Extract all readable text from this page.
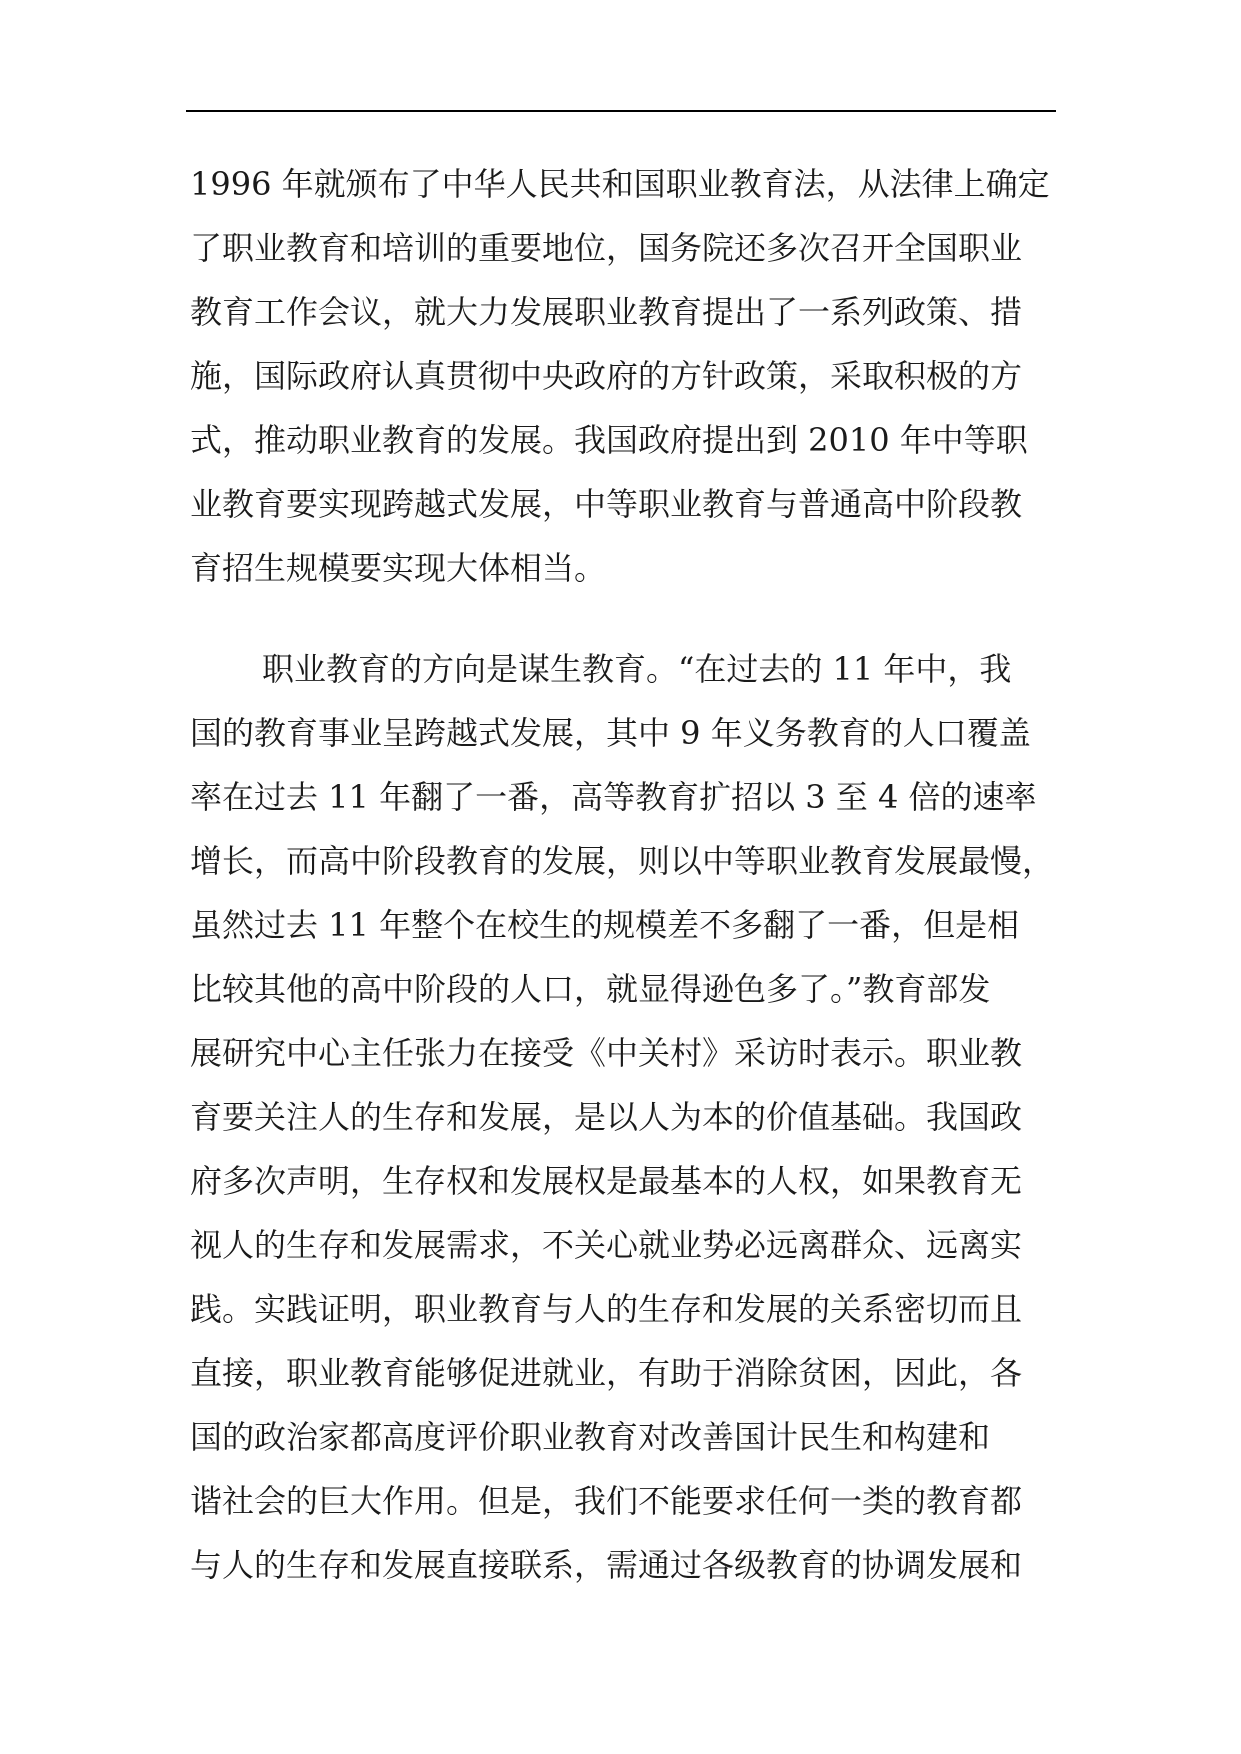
1996 年就颁布了中华人民共和国职业教育法，从法律上确定
了职业教育和培训的重要地位，国务院还多次召开全国职业
教育工作会议，就大力发展职业教育提出了一系列政策、措
施，国际政府认真贯彻中央政府的方针政策，采取积极的方
式，推动职业教育的发展。我国政府提出到 2010 年中等职
业教育要实现跨越式发展，中等职业教育与普通高中阶段教
育招生规模要实现大体相当。
职业教育的方向是谋生教育。“在过去的 11 年中，我
国的教育事业呈跨越式发展，其中 9 年义务教育的人口覆盖
率在过去 11 年翻了一番，高等教育扩招以 3 至 4 倍的速率
增长，而高中阶段教育的发展，则以中等职业教育发展最慢，
虽然过去 11 年整个在校生的规模差不多翻了一番，但是相
比较其他的高中阶段的人口，就显得逊色多了。”教育部发
展研究中心主任张力在接受《中关村》采访时表示。职业教
育要关注人的生存和发展，是以人为本的价值基础。我国政
府多次声明，生存权和发展权是最基本的人权，如果教育无
视人的生存和发展需求，不关心就业势必远离群众、远离实
践。实践证明，职业教育与人的生存和发展的关系密切而且
直接，职业教育能够促进就业，有助于消除贫困，因此，各
国的政治家都高度评价职业教育对改善国计民生和构建和
谐社会的巨大作用。但是，我们不能要求任何一类的教育都
与人的生存和发展直接联系，需通过各级教育的协调发展和
